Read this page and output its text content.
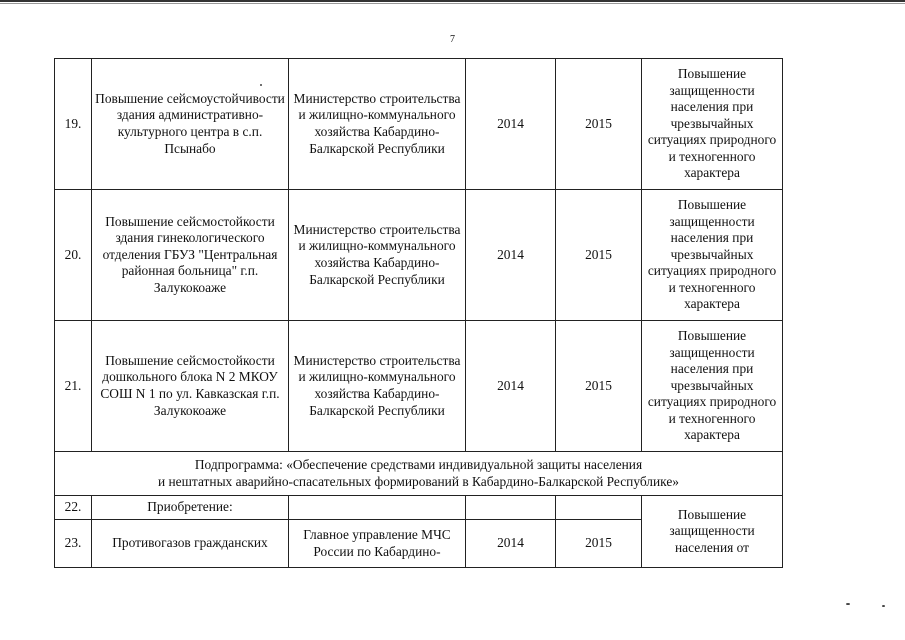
7
19.	Повышение сейсмоустойчивости здания административно-культурного центра в с.п. Псынабо	Министерство строительства и жилищно-коммунального хозяйства Кабардино-Балкарской Республики	2014	2015	Повышение защищенности населения при чрезвычайных ситуациях природного и техногенного характера
20.	Повышение сейсмостойкости здания гинекологического отделения ГБУЗ "Центральная районная больница" г.п. Залукокоаже	Министерство строительства и жилищно-коммунального хозяйства Кабардино-Балкарской Республики	2014	2015	Повышение защищенности населения при чрезвычайных ситуациях природного и техногенного характера
21.	Повышение сейсмостойкости дошкольного блока N 2 МКОУ СОШ N 1 по ул. Кавказская г.п. Залукокоаже	Министерство строительства и жилищно-коммунального хозяйства Кабардино-Балкарской Республики	2014	2015	Повышение защищенности населения при чрезвычайных ситуациях природного и техногенного характера

Подпрограмма: «Обеспечение средствами индивидуальной защиты населения
и нештатных аварийно-спасательных формирований в Кабардино-Балкарской Республике»					

22.	Приобретение:				Повышение защищенности населения от
23.	Противогазов гражданских	Главное управление МЧС России по Кабардино-	2014	2015	
